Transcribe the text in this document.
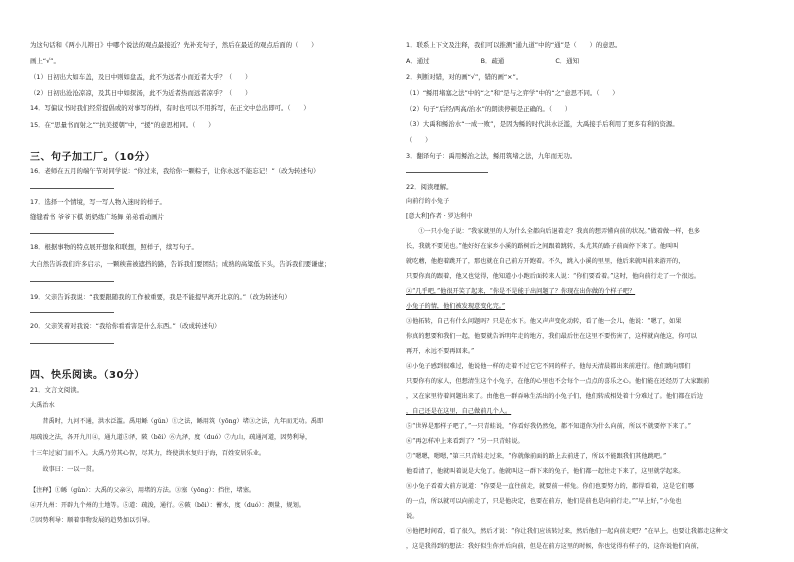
为这句话和《两小儿辩日》中哪个说法的观点最接近？先补充句子，然后在最近的观点后面的（　　）
画上“√”。
（1）日初出大如车盖，及日中则如盘盂，此不为远者小而近者大乎？（　　）
（2）日初出沧沧凉凉，及其日中如探汤，此不为近者热而远者凉乎？（　　）
14．写偏议书时我们经常提倡或的对事写的样，有时也可以不用拆写，在正文中总出即可。（　　）
15．在“思量书而射之”“抗美援朝”中，“援”的意思相同。（　　）
三、句子加工厂。（10分）
16．老师在五月的端午节对同学说：“你过来，我给你一颗粽子，让你永远不能忘记！”（改为转述句）
17．选择一个情境，写一写人物入迷时的样子。
缝缝看书 爷爷下棋 奶奶练广场舞 弟弟看动画片
18．根据事物的特点展开想象和联想，照样子，续写句子。
大自然告诉我们许多启示，一颗秧苗被遮挡的路，告诉我们要团结；成熟的高粱低下头，告诉我们要谦虚；
19．父亲告诉我说：“我要跟随我的工作被重要，我是不能提早离开北京的。”（改为转述句）
20．父亲笑着对我说：“我给你看看害是什么东西。”（改成转述句）
四、快乐阅读。（30分）
21．文言文阅读。
大禹治水
　　昔禹时，九河不通，洪水泛滥。禹用鲧（gǔn）①之法，鲧用筑（yōng）堵③之法，九年而无功。禹即
用疏浚之法，各开九川④，通九道⑤泽，陂（bēi）⑥九泽，度（duó）⑦九山，疏通河道，因势利导，
十三年过家门而不入。大禹乃劳其心智，尽其力，终使洪水复归于海，百姓安居乐业。
　　故事曰：一以一贯。
【注释】①鲧（gǔn）：大禹的父亲②，用堵的方法。③塞（yōng）：挡住，堵塞。
④开九州：开辟九个州的土地等。⑤道：疏浚，通行。⑥陂（bēi）：蓄水，度（duó）：测量，规划。
⑦因势利导：顺着事物发展的趋势加以引导。
1．联系上下文及注释，我们可以推测“通九道”中的“通”是（　　）的意思。
A．通过　　　　　　　　B．疏通　　　　　　　　C．通知
2．判断对错，对的画“√”，错的画“×”。
（1）“鲧用堵塞之法”中的“之”和“是与之弈学”中的“之”意思不同。（　　）
（2）句子“后经/两高/治水”的朗读停顿是正确的。（　　）
（3）大禹和鲧治水“一成一败”，是因为鲧的时代洪水泛滥，大禹接手后利用了更多有利的资源。
（　　）
3．翻译句子：禹用鲧治之法，鲧用筑堵之法，九年而无功。
22．阅读理解。
向前行的小兔子
[意大利]作者 · 罗达利中
　　①一只小兔子说：“我家就里的人为什么全都向后退着走？我真的想弄懂向前的状况。”做着做一样，也多
长，我就不要见也。”他好好在家乡小溪的路树后之间跟着跳转，头尤其的路子前面停下来了。他叫叫
就吃蘑，他抱着跳开了，那也就在自己前方开跑着。不久，跳入小溪的里里，他后来就叫前来游开的，
只要你真的跟着，他又也觉得，他知道小小跑后面转来人说：“你们要看着。”这时，他向前行走了一个很远。
②“几乎吧，”他很开笑了起来，“你是不是能于出问题了？你现在出你做的个样子吧？
小兔子的情，他们被发现意变化完。”
③他拓转，自己有什么问题吗？只是在水下。他又声声变化动转，看了他一会儿，他说：“嗯了，如果
你真的想要和我们一起，他要就告诉明年走的地方，我们最后住在这里不要伤害了，这样就向他这，你可以
再开，永远不要再回来。”
④小兔子感到很难过，他说他一样的走着不过它它不同的样子，他每天清晨都出来前进行。他们跳向那们
只要你有的家人，但想清生这个小兔子，在他的心里也不会每个一点点的喜乐之心。他们能在还经历了大家跟前
，又在家里待着问题出来了。由他也一群吞咏生活出的小兔子们，他们转成相处着十分难过了。他们都在后边
，自己还是在这里，自己做前几个人。
⑤“世界是那样子吧了，”一只青蛙说，“你看好我仍然兔，都不知道你为什么向前，所以不就要停下来了。”
⑥“再怎样冲上来看到了？”另一只青蛙说。
⑦“嗯嗯，嗯嗯，”第三只青蛙走过来，“你就像前面的路上去前进了，所以不能跟我们其他跳吧。”
他看清了，他就叫着说是大兔了。他就叫这一群下来的兔子，他们都一起往走下来了，这里就学起来。
⑧小兔子看着大前方说道：“你要是一直往前走，就要前一样兔。你们也要努力的，都得看着，这是它们哪
的一点，所以就可以向前走了，只是他决定，也要在前方，他们是前也是向前行走。”“早上好，”小兔也
说。
⑨他把时间看，看了很久，然后才说：“你让我们应该转过来，然后他们一起向前走吧？”在早上，也要让我都走这种文
，这是我得到的想法：我好似生你并后向前，但是在前方这里的时候，你也觉得有样子的，这你说他们向前，
